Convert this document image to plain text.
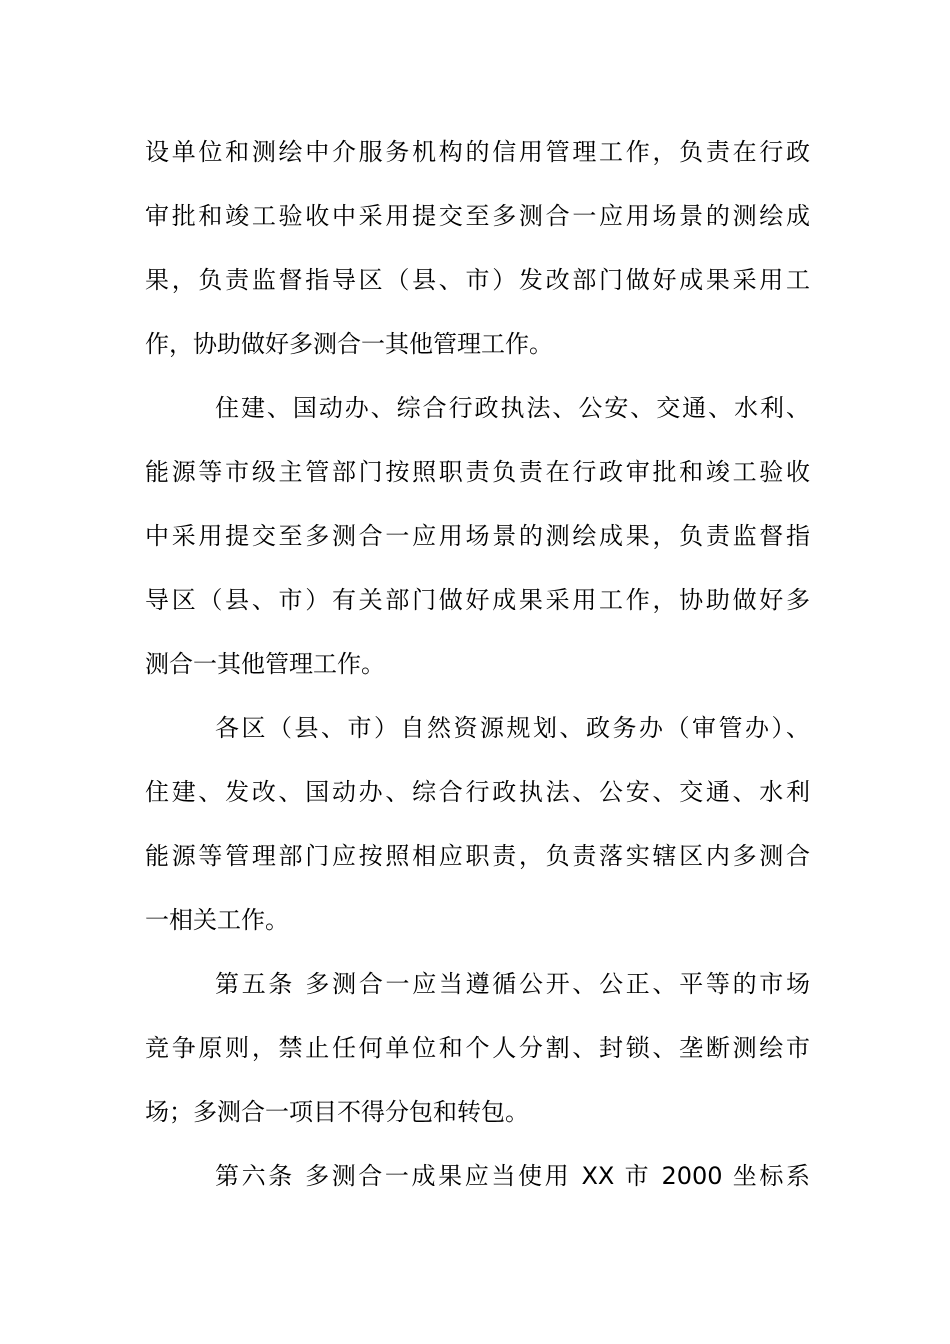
设单位和测绘中介服务机构的信用管理工作，负责在行政
审批和竣工验收中采用提交至多测合一应用场景的测绘成
果，负责监督指导区（县、市）发改部门做好成果采用工
作，协助做好多测合一其他管理工作。
住建、国动办、综合行政执法、公安、交通、水利、
能源等市级主管部门按照职责负责在行政审批和竣工验收
中采用提交至多测合一应用场景的测绘成果，负责监督指
导区（县、市）有关部门做好成果采用工作，协助做好多
测合一其他管理工作。
各区（县、市）自然资源规划、政务办（审管办）、
住建、发改、国动办、综合行政执法、公安、交通、水利
能源等管理部门应按照相应职责，负责落实辖区内多测合
一相关工作。
第五条 多测合一应当遵循公开、公正、平等的市场
竞争原则，禁止任何单位和个人分割、封锁、垄断测绘市
场；多测合一项目不得分包和转包。
第六条 多测合一成果应当使用 XX 市 2000 坐标系
